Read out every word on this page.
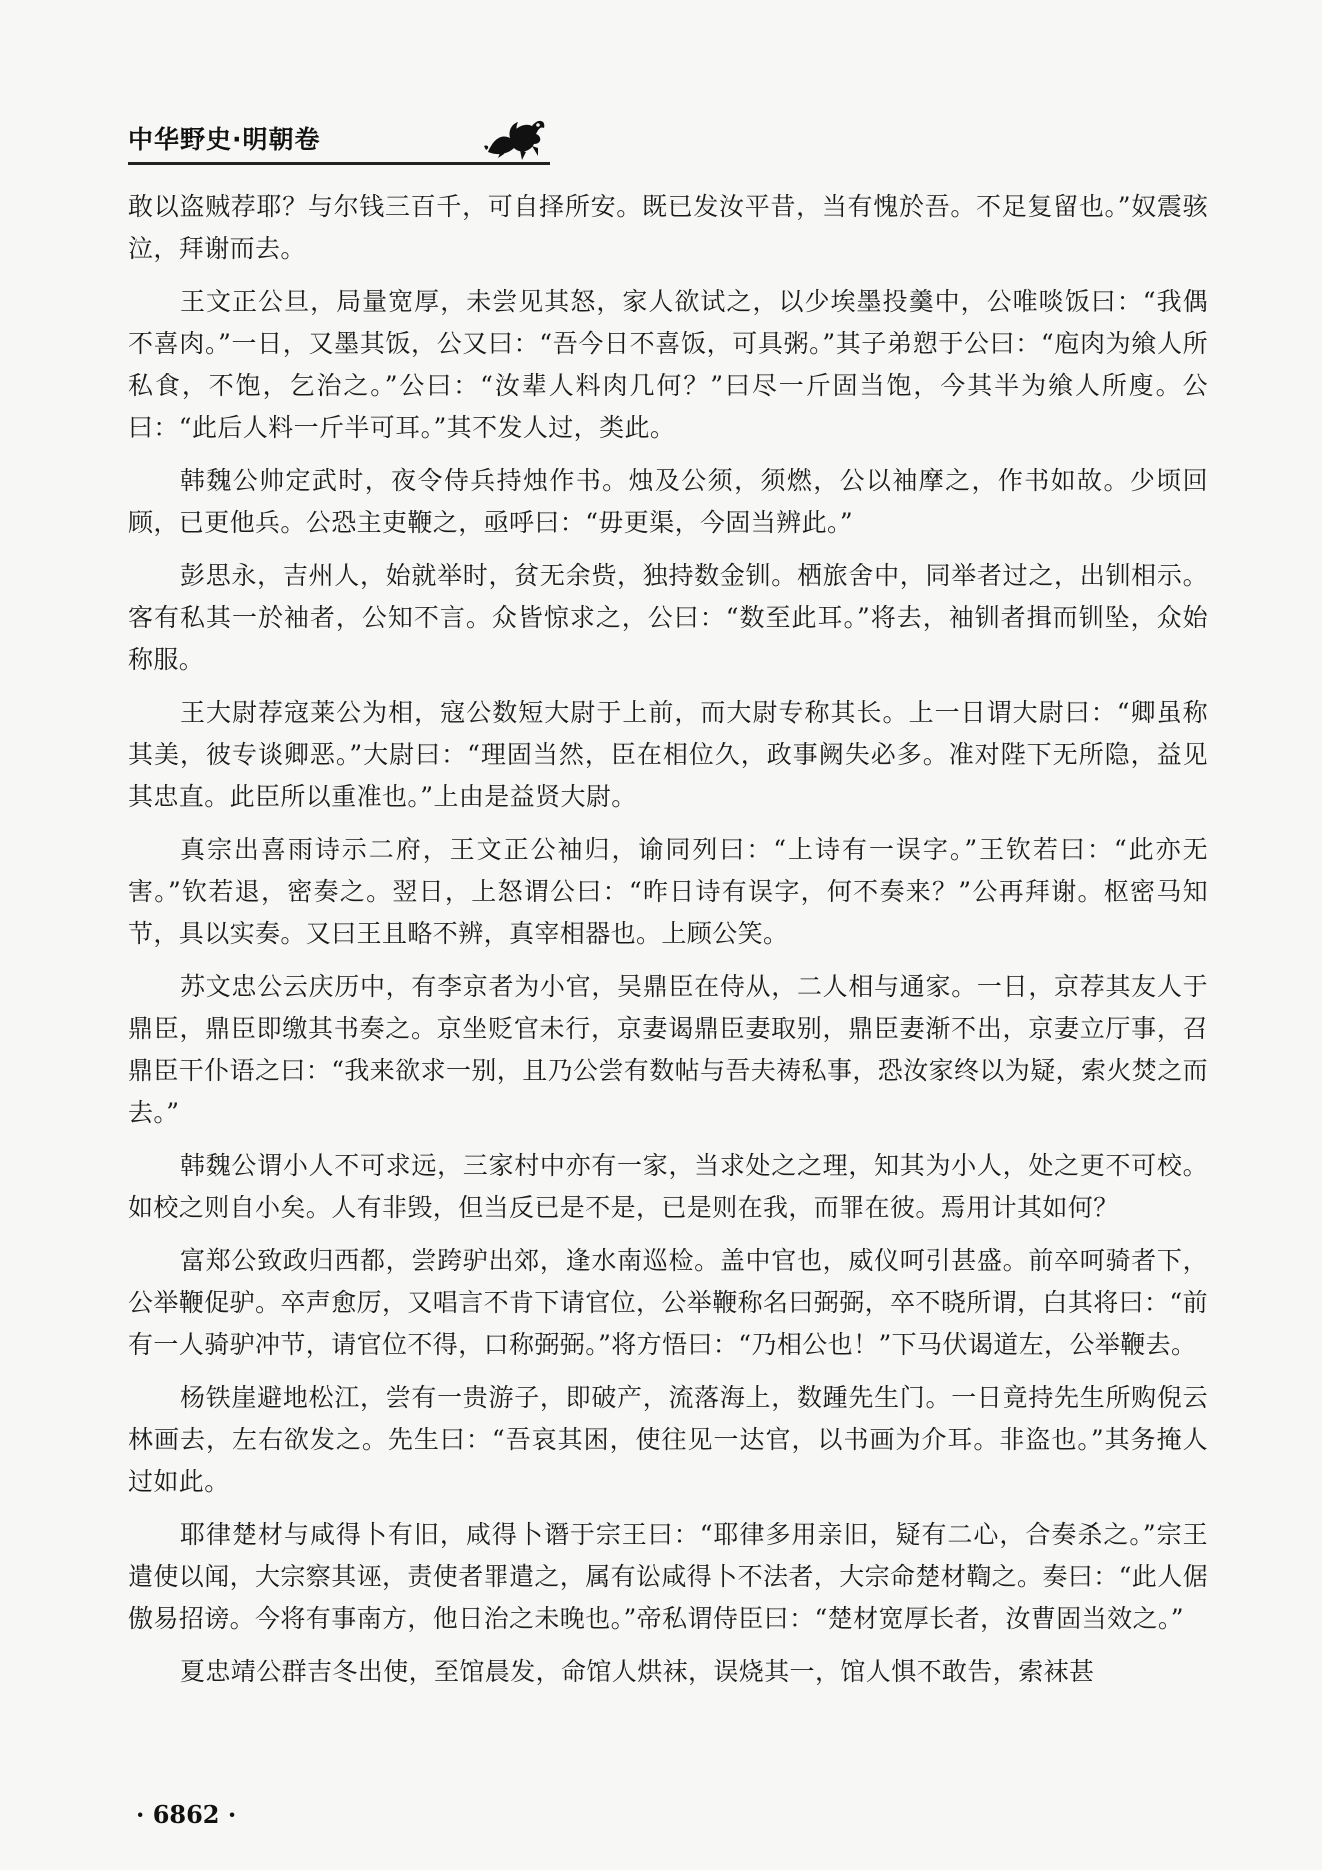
中华野史·明朝卷

敢以盗贼荐耶？与尔钱三百千，可自择所安。既已发汝平昔，当有愧於吾。不足复留也。”奴震骇泣，拜谢而去。

王文正公旦，局量宽厚，未尝见其怒，家人欲试之，以少埃墨投羹中，公唯啖饭曰：“我偶不喜肉。”一日，又墨其饭，公又曰：“吾今日不喜饭，可具粥。”其子弟愬于公曰：“庖肉为飨人所私食，不饱，乞治之。”公曰：“汝辈人料肉几何？”曰尽一斤固当饱，今其半为飨人所廋。公曰：“此后人料一斤半可耳。”其不发人过，类此。

韩魏公帅定武时，夜令侍兵持烛作书。烛及公须，须燃，公以袖摩之，作书如故。少顷回顾，已更他兵。公恐主吏鞭之，亟呼曰：“毋更渠，今固当辨此。”

彭思永，吉州人，始就举时，贫无余赀，独持数金钏。栖旅舍中，同举者过之，出钏相示。客有私其一於袖者，公知不言。众皆惊求之，公曰：“数至此耳。”将去，袖钏者揖而钏坠，众始称服。

王大尉荐寇莱公为相，寇公数短大尉于上前，而大尉专称其长。上一日谓大尉曰：“卿虽称其美，彼专谈卿恶。”大尉曰：“理固当然，臣在相位久，政事阙失必多。准对陛下无所隐，益见其忠直。此臣所以重准也。”上由是益贤大尉。

真宗出喜雨诗示二府，王文正公袖归，谕同列曰：“上诗有一误字。”王钦若曰：“此亦无害。”钦若退，密奏之。翌日，上怒谓公曰：“昨日诗有误字，何不奏来？”公再拜谢。枢密马知节，具以实奏。又曰王且略不辨，真宰相器也。上顾公笑。

苏文忠公云庆历中，有李京者为小官，吴鼎臣在侍从，二人相与通家。一日，京荐其友人于鼎臣，鼎臣即缴其书奏之。京坐贬官未行，京妻谒鼎臣妻取别，鼎臣妻渐不出，京妻立厅事，召鼎臣干仆语之曰：“我来欲求一别，且乃公尝有数帖与吾夫祷私事，恐汝家终以为疑，索火焚之而去。”

韩魏公谓小人不可求远，三家村中亦有一家，当求处之之理，知其为小人，处之更不可校。如校之则自小矣。人有非毁，但当反已是不是，已是则在我，而罪在彼。焉用计其如何？

富郑公致政归西都，尝跨驴出郊，逢水南巡检。盖中官也，威仪呵引甚盛。前卒呵骑者下，公举鞭促驴。卒声愈厉，又唱言不肯下请官位，公举鞭称名曰弼弼，卒不晓所谓，白其将曰：“前有一人骑驴冲节，请官位不得，口称弼弼。”将方悟曰：“乃相公也！”下马伏谒道左，公举鞭去。

杨铁崖避地松江，尝有一贵游子，即破产，流落海上，数踵先生门。一日竟持先生所购倪云林画去，左右欲发之。先生曰：“吾哀其困，使往见一达官，以书画为介耳。非盗也。”其务掩人过如此。

耶律楚材与咸得卜有旧，咸得卜谮于宗王曰：“耶律多用亲旧，疑有二心，合奏杀之。”宗王遣使以闻，大宗察其诬，责使者罪遣之，属有讼咸得卜不法者，大宗命楚材鞫之。奏曰：“此人倨傲易招谤。今将有事南方，他日治之未晚也。”帝私谓侍臣曰：“楚材宽厚长者，汝曹固当效之。”

夏忠靖公群吉冬出使，至馆晨发，命馆人烘袜，误烧其一，馆人惧不敢告，索袜甚

· 6862 ·
